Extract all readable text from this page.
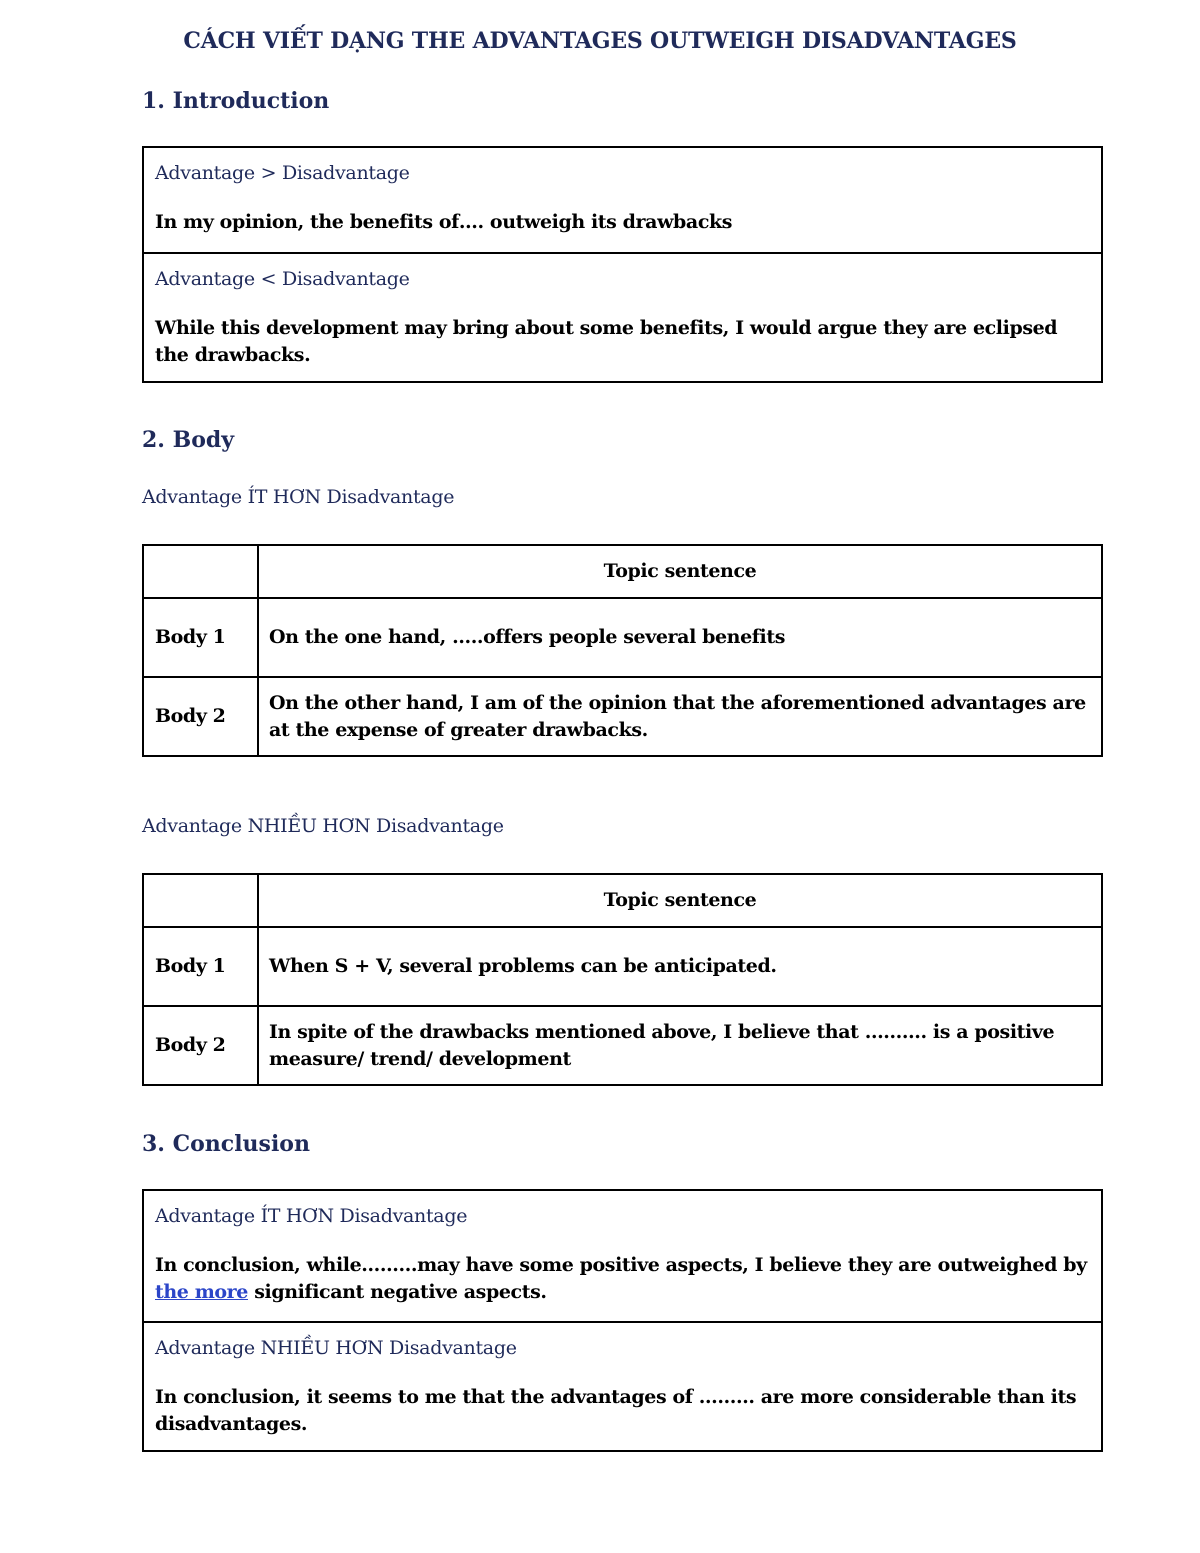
CÁCH VIẾT DẠNG THE ADVANTAGES OUTWEIGH DISADVANTAGES
1. Introduction

Advantage > Disadvantage

In my opinion, the benefits of…. outweigh its drawbacks

Advantage < Disadvantage

While this development may bring about some benefits, I would argue they are eclipsed the drawbacks.

2. Body

Advantage ÍT HƠN Disadvantage

	Topic sentence
Body 1	On the one hand, …..offers people several benefits
Body 2	On the other hand, I am of the opinion that the aforementioned advantages are at the expense of greater drawbacks.

Advantage NHIỀU HƠN Disadvantage

	Topic sentence
Body 1	When S + V, several problems can be anticipated.
Body 2	In spite of the drawbacks mentioned above, I believe that ………. is a positive measure/ trend/ development
3. Conclusion

Advantage ÍT HƠN Disadvantage

In conclusion, while………may have some positive aspects, I believe they are outweighed by the more significant negative aspects.

Advantage NHIỀU HƠN Disadvantage

In conclusion, it seems to me that the advantages of ……… are more considerable than its disadvantages.
